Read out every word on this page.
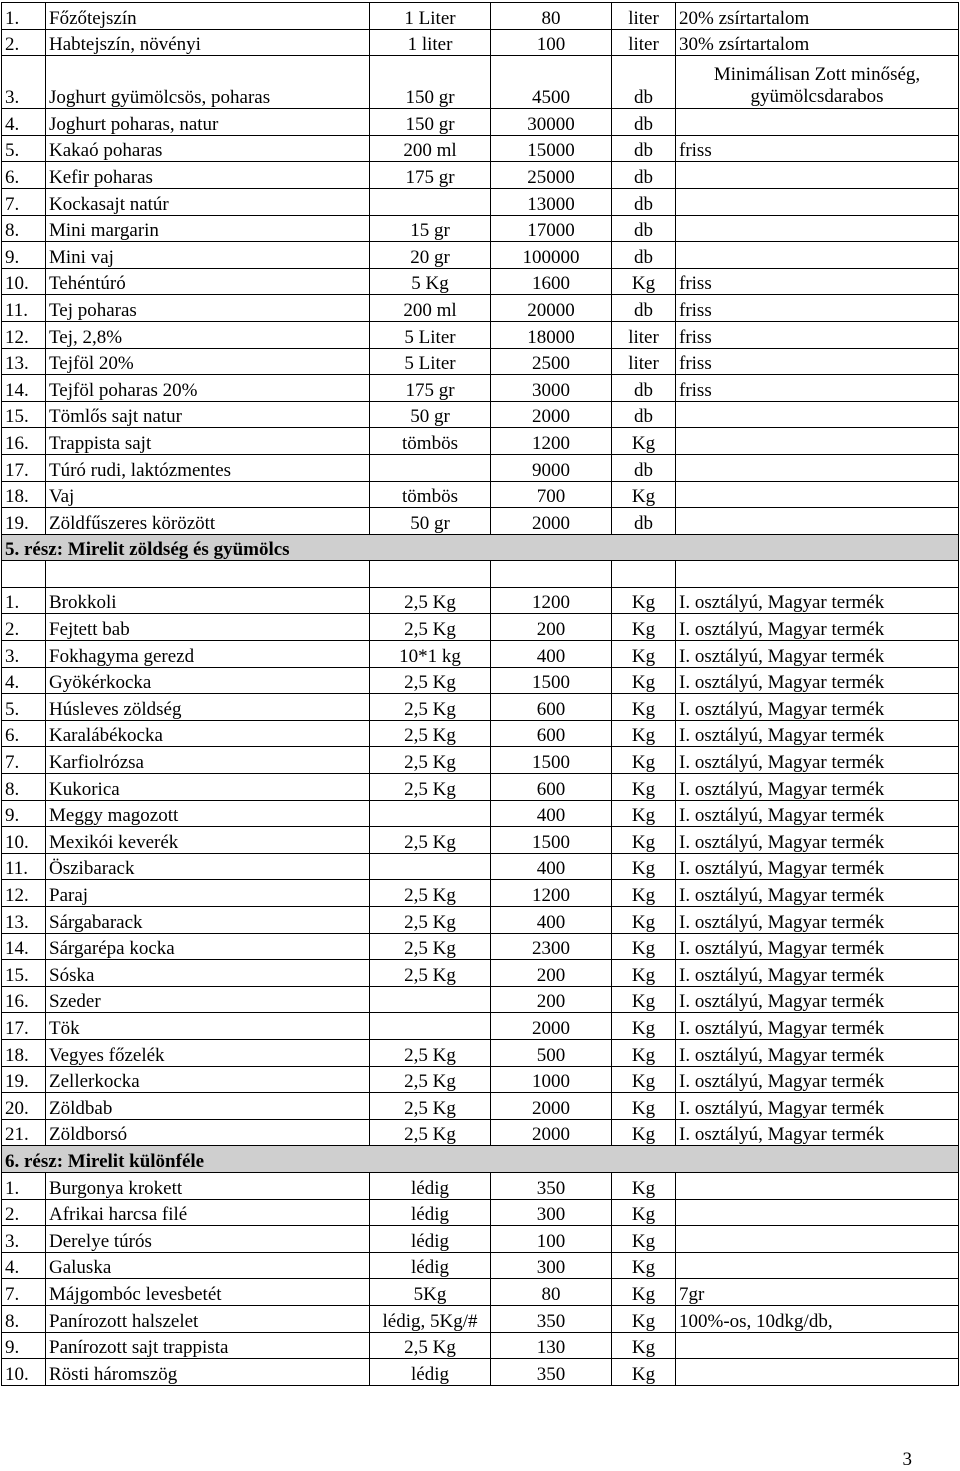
1.	Főzőtejszín	1 Liter	80	liter	20% zsírtartalom
2.	Habtejszín, növényi	1 liter	100	liter	30% zsírtartalom
3.	Joghurt gyümölcsös, poharas	150 gr	4500	db	Minimálisan Zott minőség, gyümölcsdarabos
4.	Joghurt poharas, natur	150 gr	30000	db	
5.	Kakaó poharas	200 ml	15000	db	friss
6.	Kefir poharas	175 gr	25000	db	
7.	Kockasajt natúr		13000	db	
8.	Mini margarin	15 gr	17000	db	
9.	Mini vaj	20 gr	100000	db	
10.	Tehéntúró	5 Kg	1600	Kg	friss
11.	Tej poharas	200 ml	20000	db	friss
12.	Tej, 2,8%	5 Liter	18000	liter	friss
13.	Tejföl 20%	5 Liter	2500	liter	friss
14.	Tejföl poharas 20%	175 gr	3000	db	friss
15.	Tömlős sajt natur	50 gr	2000	db	
16.	Trappista sajt	tömbös	1200	Kg	
17.	Túró rudi, laktózmentes		9000	db	
18.	Vaj	tömbös	700	Kg	
19.	Zöldfűszeres körözött	50 gr	2000	db	
5. rész: Mirelit zöldség és gyümölcs					

1.	Brokkoli	2,5 Kg	1200	Kg	I. osztályú, Magyar termék
2.	Fejtett bab	2,5 Kg	200	Kg	I. osztályú, Magyar termék
3.	Fokhagyma gerezd	10*1 kg	400	Kg	I. osztályú, Magyar termék
4.	Gyökérkocka	2,5 Kg	1500	Kg	I. osztályú, Magyar termék
5.	Húsleves zöldség	2,5 Kg	600	Kg	I. osztályú, Magyar termék
6.	Karalábékocka	2,5 Kg	600	Kg	I. osztályú, Magyar termék
7.	Karfiolrózsa	2,5 Kg	1500	Kg	I. osztályú, Magyar termék
8.	Kukorica	2,5 Kg	600	Kg	I. osztályú, Magyar termék
9.	Meggy magozott		400	Kg	I. osztályú, Magyar termék
10.	Mexikói keverék	2,5 Kg	1500	Kg	I. osztályú, Magyar termék
11.	Öszibarack		400	Kg	I. osztályú, Magyar termék
12.	Paraj	2,5 Kg	1200	Kg	I. osztályú, Magyar termék
13.	Sárgabarack	2,5 Kg	400	Kg	I. osztályú, Magyar termék
14.	Sárgarépa kocka	2,5 Kg	2300	Kg	I. osztályú, Magyar termék
15.	Sóska	2,5 Kg	200	Kg	I. osztályú, Magyar termék
16.	Szeder		200	Kg	I. osztályú, Magyar termék
17.	Tök		2000	Kg	I. osztályú, Magyar termék
18.	Vegyes főzelék	2,5 Kg	500	Kg	I. osztályú, Magyar termék
19.	Zellerkocka	2,5 Kg	1000	Kg	I. osztályú, Magyar termék
20.	Zöldbab	2,5 Kg	2000	Kg	I. osztályú, Magyar termék
21.	Zöldborsó	2,5 Kg	2000	Kg	I. osztályú, Magyar termék
6. rész: Mirelit különféle					
1.	Burgonya krokett	lédig	350	Kg	
2.	Afrikai harcsa filé	lédig	300	Kg	
3.	Derelye túrós	lédig	100	Kg	
4.	Galuska	lédig	300	Kg	
7.	Májgombóc levesbetét	5Kg	80	Kg	7gr
8.	Panírozott halszelet	lédig, 5Kg/#	350	Kg	100%-os, 10dkg/db,
9.	Panírozott sajt trappista	2,5 Kg	130	Kg	
10.	Rösti háromszög	lédig	350	Kg	
3
